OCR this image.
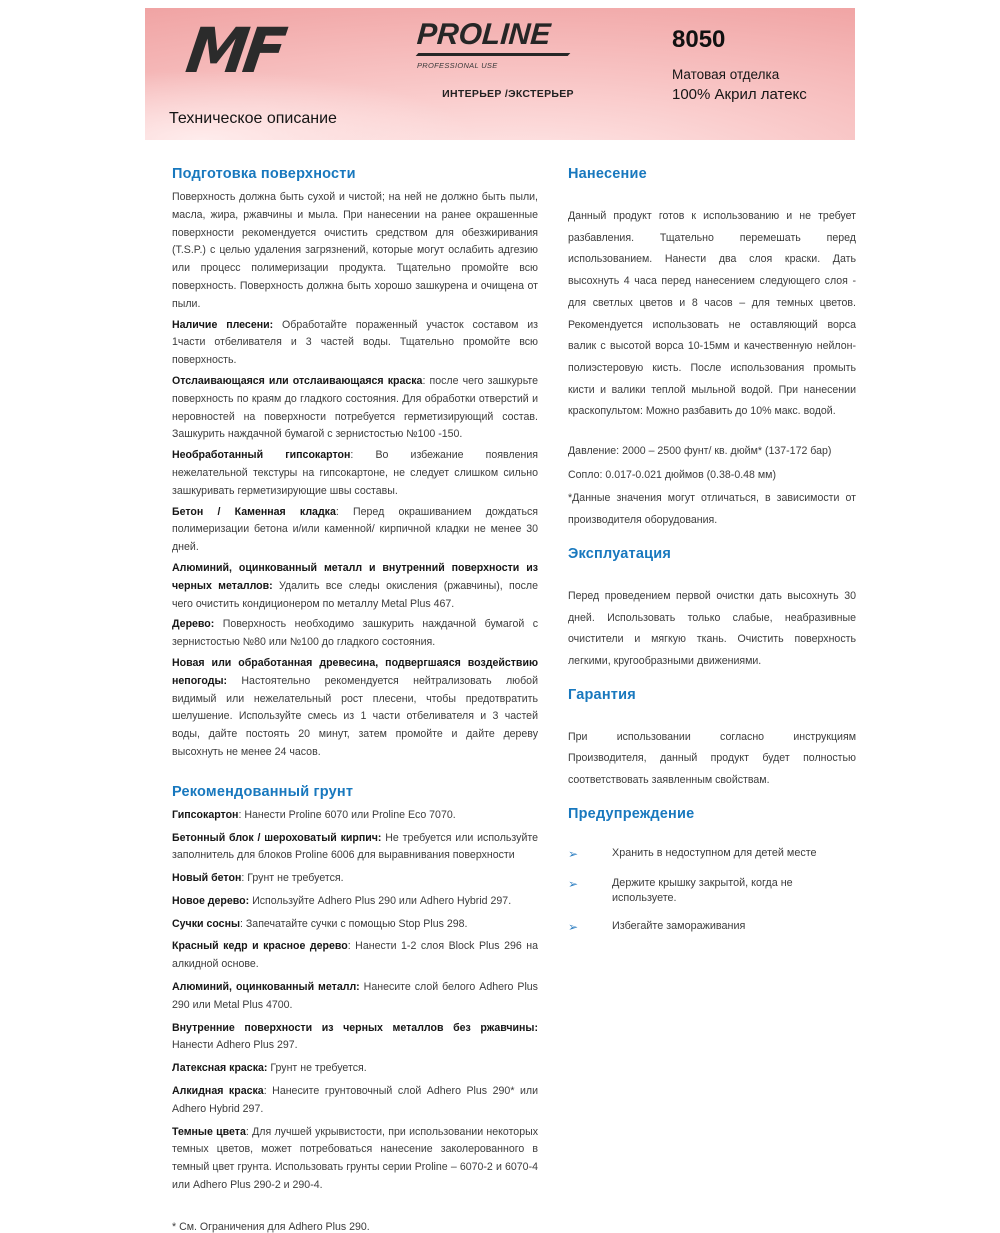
MF
Техническое описание
PROLINE
PROFESSIONAL USE
ИНТЕРЬЕР /ЭКСТЕРЬЕР
8050
Матовая отделка
100% Акрил латекс
Подготовка поверхности

Поверхность должна быть сухой и чистой; на ней не должно быть пыли, масла, жира, ржавчины и мыла. При нанесении на ранее окрашенные поверхности рекомендуется очистить средством для обезжиривания (T.S.P.) с целью удаления загрязнений, которые могут ослабить адгезию или процесс полимеризации продукта. Тщательно промойте всю поверхность. Поверхность должна быть хорошо зашкурена и очищена от пыли.

Наличие плесени: Обработайте пораженный участок составом из 1части отбеливателя и 3 частей воды. Тщательно промойте всю поверхность.

Отслаивающаяся или отслаивающаяся краска: после чего зашкурьте поверхность по краям до гладкого состояния. Для обработки отверстий и неровностей на поверхности потребуется герметизирующий состав. Зашкурить наждачной бумагой с зернистостью №100 -150.

Необработанный гипсокартон: Во избежание появления нежелательной текстуры на гипсокартоне, не следует слишком сильно зашкуривать герметизирующие швы составы.

Бетон / Каменная кладка: Перед окрашиванием дождаться полимеризации бетона и/или каменной/ кирпичной кладки не менее 30 дней.

Алюминий, оцинкованный металл и внутренний поверхности из черных металлов: Удалить все следы окисления (ржавчины), после чего очистить кондиционером по металлу Metal Plus 467.

Дерево: Поверхность необходимо зашкурить наждачной бумагой с зернистостью №80 или №100 до гладкого состояния.

Новая или обработанная древесина, подвергшаяся воздействию непогоды: Настоятельно рекомендуется нейтрализовать любой видимый или нежелательный рост плесени, чтобы предотвратить шелушение. Используйте смесь из 1 части отбеливателя и 3 частей воды, дайте постоять 20 минут, затем промойте и дайте дереву высохнуть не менее 24 часов.

Рекомендованный грунт

Гипсокартон: Нанести Proline 6070 или Proline Eco 7070.

Бетонный блок / шероховатый кирпич: Не требуется или используйте заполнитель для блоков Proline 6006 для выравнивания поверхности

Новый бетон: Грунт не требуется.

Новое дерево: Используйте Adhero Plus 290 или Adhero Hybrid 297.

Сучки сосны: Запечатайте сучки с помощью Stop Plus 298.

Красный кедр и красное дерево: Нанести 1-2 слоя Block Plus 296 на алкидной основе.

Алюминий, оцинкованный металл: Нанесите слой белого Adhero Plus 290 или Metal Plus 4700.

Внутренние поверхности из черных металлов без ржавчины: Нанести Adhero Plus 297.

Латексная краска: Грунт не требуется.

Алкидная краска: Нанесите грунтовочный слой Adhero Plus 290* или Adhero Hybrid 297.

Темные цвета: Для лучшей укрывистости, при использовании некоторых темных цветов, может потребоваться нанесение заколерованного в темный цвет грунта. Использовать грунты серии Proline – 6070-2 и 6070-4 или Adhero Plus 290-2 и 290-4.

* См. Ограничения для Adhero Plus 290.
Нанесение

Данный продукт готов к использованию и не требует разбавления. Тщательно перемешать перед использованием. Нанести два слоя краски. Дать высохнуть 4 часа перед нанесением следующего слоя - для светлых цветов и 8 часов – для темных цветов. Рекомендуется использовать не оставляющий ворса валик с высотой ворса 10-15мм и качественную нейлон-полиэстеровую кисть. После использования промыть кисти и валики теплой мыльной водой. При нанесении краскопультом: Можно разбавить до 10% макс. водой.

Давление: 2000 – 2500 фунт/ кв. дюйм* (137-172 бар)

Сопло: 0.017-0.021 дюймов (0.38-0.48 мм)

*Данные значения могут отличаться, в зависимости от производителя оборудования.

Эксплуатация

Перед проведением первой очистки дать высохнуть 30 дней. Использовать только слабые, неабразивные очистители и мягкую ткань. Очистить поверхность легкими, кругообразными движениями.

Гарантия

При использовании согласно инструкциям Производителя, данный продукт будет полностью соответствовать заявленным свойствам.

Предупреждение
➢	Хранить в недоступном для детей месте
➢	Держите крышку закрытой, когда не используете.
➢	Избегайте замораживания
